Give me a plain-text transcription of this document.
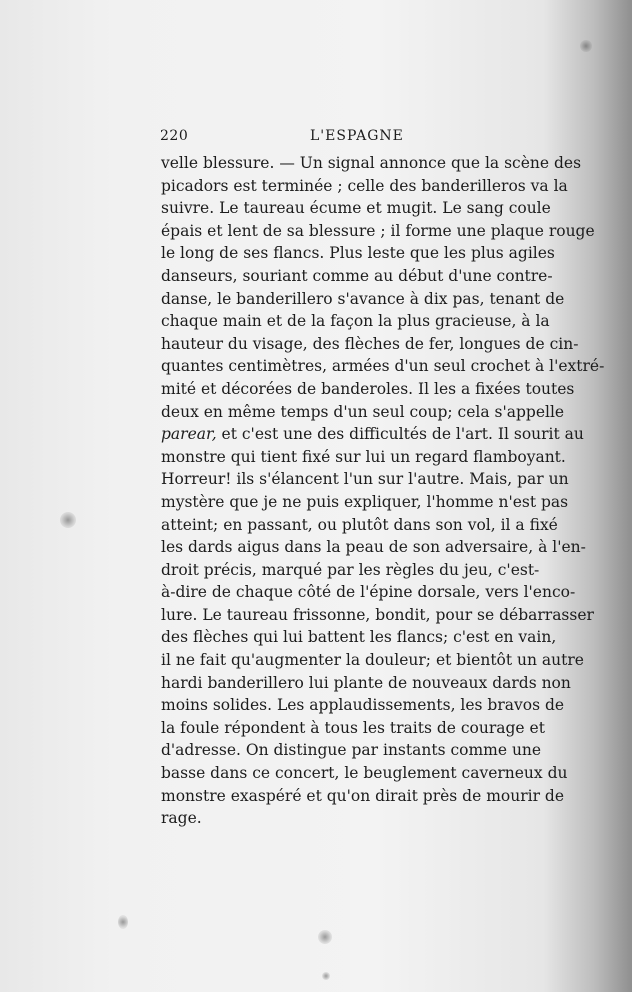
220	L'ESPAGNE
velle blessure. — Un signal annonce que la scène des
picadors est terminée ; celle des banderilleros va la
suivre. Le taureau écume et mugit. Le sang coule
épais et lent de sa blessure ; il forme une plaque rouge
le long de ses flancs. Plus leste que les plus agiles
danseurs, souriant comme au début d'une contre-
danse, le banderillero s'avance à dix pas, tenant de
chaque main et de la façon la plus gracieuse, à la
hauteur du visage, des flèches de fer, longues de cin-
quantes centimètres, armées d'un seul crochet à l'extré-
mité et décorées de banderoles. Il les a fixées toutes
deux en même temps d'un seul coup; cela s'appelle
parear, et c'est une des difficultés de l'art. Il sourit au
monstre qui tient fixé sur lui un regard flamboyant.
Horreur! ils s'élancent l'un sur l'autre. Mais, par un
mystère que je ne puis expliquer, l'homme n'est pas
atteint; en passant, ou plutôt dans son vol, il a fixé
les dards aigus dans la peau de son adversaire, à l'en-
droit précis, marqué par les règles du jeu, c'est-
à-dire de chaque côté de l'épine dorsale, vers l'enco-
lure. Le taureau frissonne, bondit, pour se débarrasser
des flèches qui lui battent les flancs; c'est en vain,
il ne fait qu'augmenter la douleur; et bientôt un autre
hardi banderillero lui plante de nouveaux dards non
moins solides. Les applaudissements, les bravos de
la foule répondent à tous les traits de courage et
d'adresse. On distingue par instants comme une
basse dans ce concert, le beuglement caverneux du
monstre exaspéré et qu'on dirait près de mourir de
rage.
